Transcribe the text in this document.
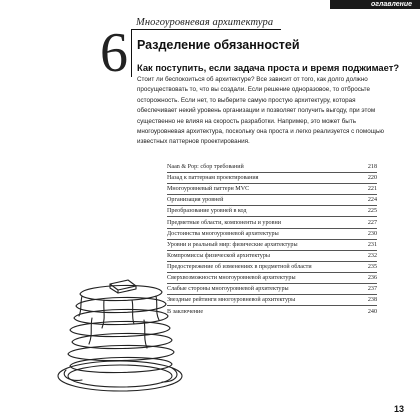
оглавление
6 Многоуровневая архитектура
Разделение обязанностей
Как поступить, если задача проста и время поджимает?
Стоит ли беспокоиться об архитектуре? Все зависит от того, как долго должно просуществовать то, что вы создали. Если решение одноразовое, то отбросьте осторожность. Если нет, то выберите самую простую архитектуру, которая обеспечивает некий уровень организации и позволяет получить выгоду, при этом существенно не влияя на скорость разработки. Например, это может быть многоуровневая архитектура, поскольку она проста и легко реализуется с помощью известных паттернов проектирования.
Naan & Pop: сбор требований	218
Назад к паттернам проектирования	220
Многоуровневый паттерн MVC	221
Организация уровней	224
Преобразование уровней в код	225
Предметные области, компоненты и уровни	227
Достоинства многоуровневой архитектуры	230
Уровни и реальный мир: физические архитектуры	231
Компромиссы физической архитектуры	232
Предостережение об изменениях в предметной области	235
Сверхвозможности многоуровневой архитектуры	236
Слабые стороны многоуровневой архитектуры	237
Звездные рейтинги многоуровневой архитектуры	238
В заключение	240
13
